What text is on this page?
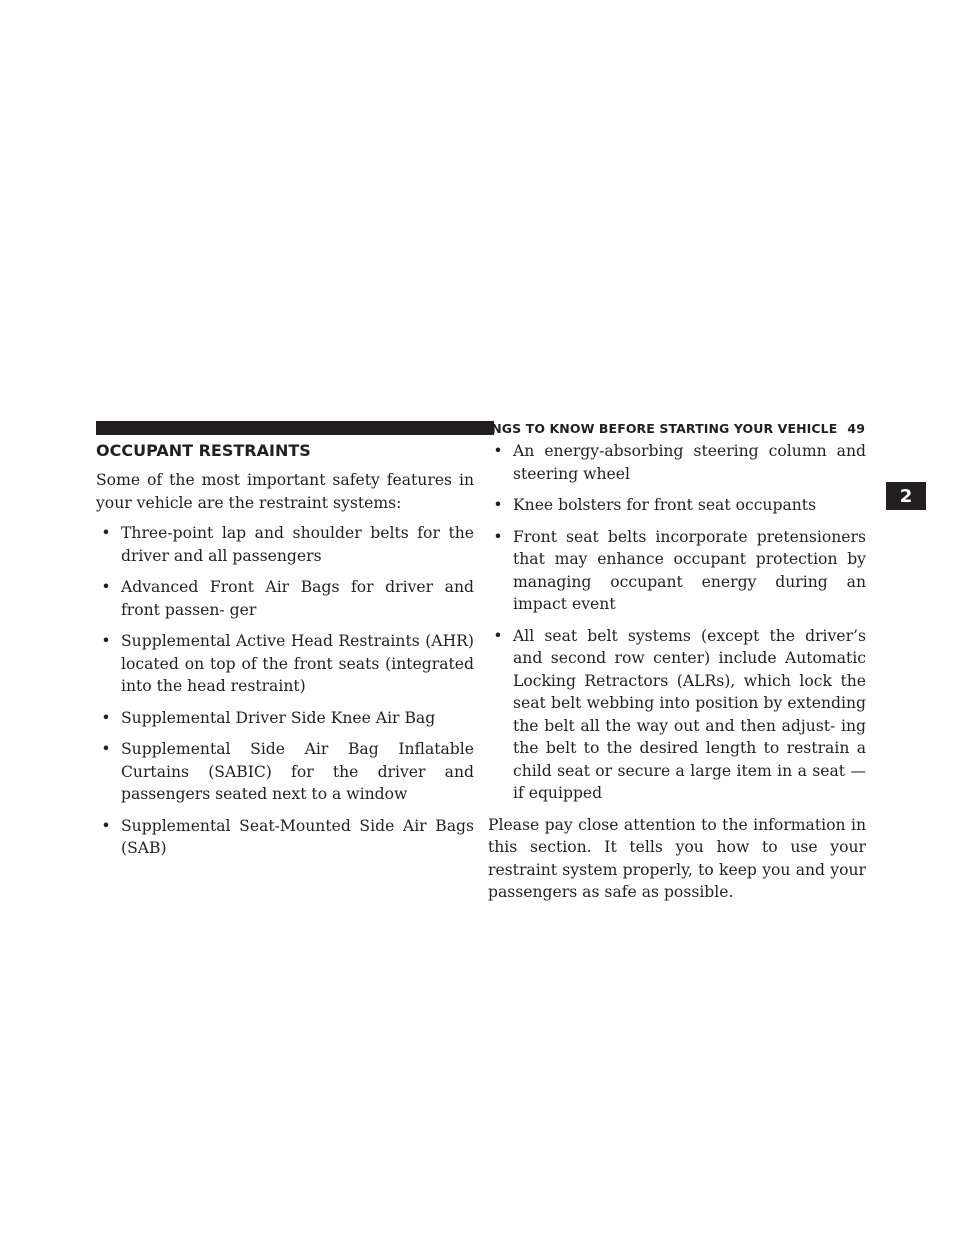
THINGS TO KNOW BEFORE STARTING YOUR VEHICLE 49
2
OCCUPANT RESTRAINTS

Some of the most important safety features in your vehicle are the restraint systems:

• Three-point lap and shoulder belts for the driver and all passengers
• Advanced Front Air Bags for driver and front passen- ger
• Supplemental Active Head Restraints (AHR) located on top of the front seats (integrated into the head restraint)
• Supplemental Driver Side Knee Air Bag
• Supplemental Side Air Bag Inflatable Curtains (SABIC) for the driver and passengers seated next to a window
• Supplemental Seat-Mounted Side Air Bags (SAB)
• An energy-absorbing steering column and steering wheel
• Knee bolsters for front seat occupants
• Front seat belts incorporate pretensioners that may enhance occupant protection by managing occupant energy during an impact event
• All seat belt systems (except the driver’s and second row center) include Automatic Locking Retractors (ALRs), which lock the seat belt webbing into position by extending the belt all the way out and then adjust- ing the belt to the desired length to restrain a child seat or secure a large item in a seat — if equipped

Please pay close attention to the information in this section. It tells you how to use your restraint system properly, to keep you and your passengers as safe as possible.
